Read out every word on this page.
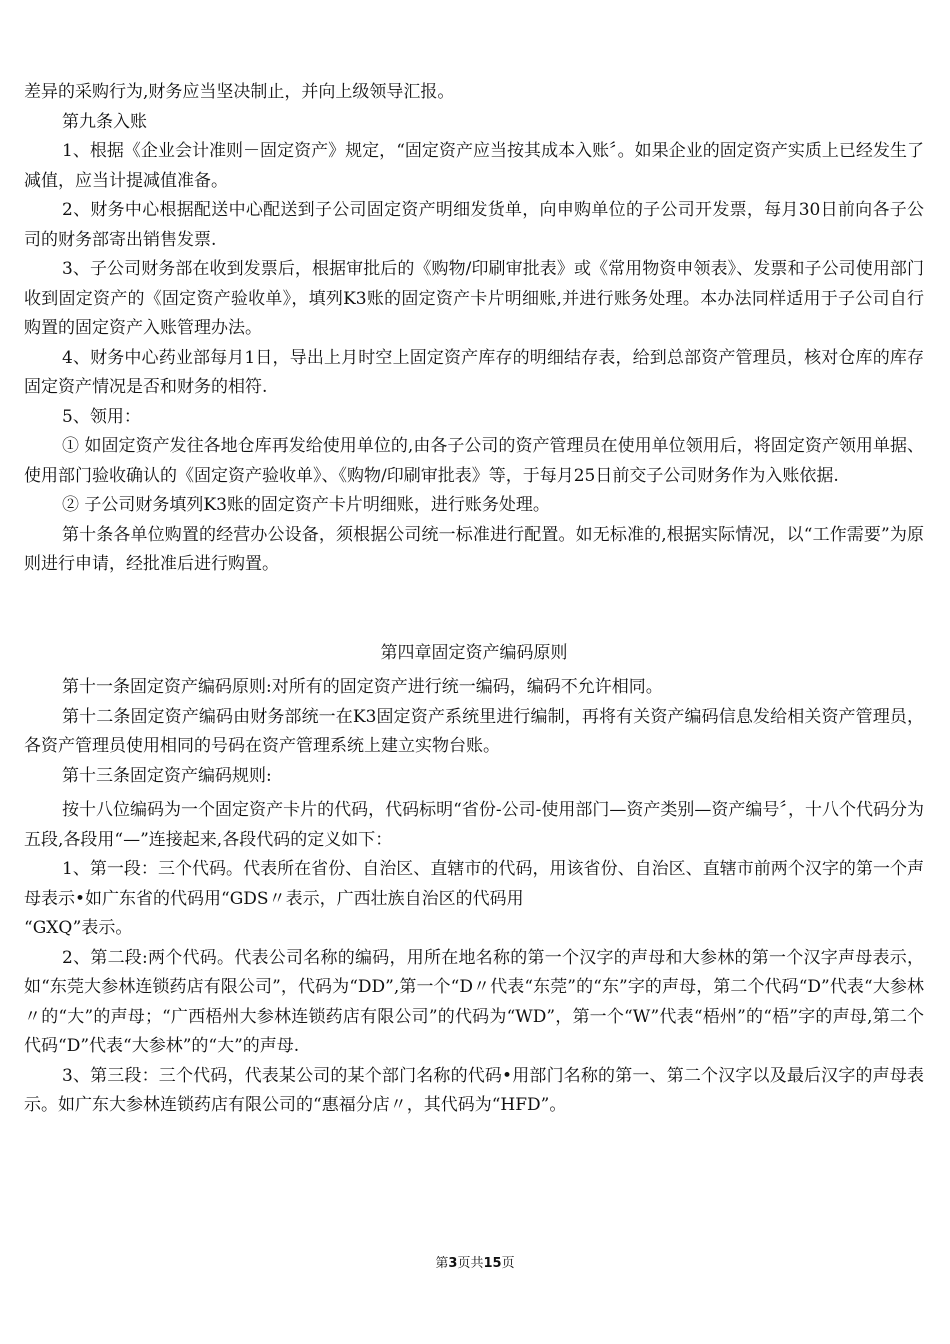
差异的采购行为,财务应当坚决制止，并向上级领导汇报。

第九条入账

1、根据《企业会计准则－固定资产》规定，“固定资产应当按其成本入账〞。如果企业的固定资产实质上已经发生了减值，应当计提减值准备。

2、财务中心根据配送中心配送到子公司固定资产明细发货单，向申购单位的子公司开发票，每月30日前向各子公司的财务部寄出销售发票.

3、子公司财务部在收到发票后，根据审批后的《购物/印刷审批表》或《常用物资申领表》、发票和子公司使用部门收到固定资产的《固定资产验收单》，填列K3账的固定资产卡片明细账,并进行账务处理。本办法同样适用于子公司自行购置的固定资产入账管理办法。

4、财务中心药业部每月1日，导出上月时空上固定资产库存的明细结存表，给到总部资产管理员，核对仓库的库存固定资产情况是否和财务的相符.

5、领用：

① 如固定资产发往各地仓库再发给使用单位的,由各子公司的资产管理员在使用单位领用后，将固定资产领用单据、使用部门验收确认的《固定资产验收单》、《购物/印刷审批表》等，于每月25日前交子公司财务作为入账依据.

② 子公司财务填列K3账的固定资产卡片明细账，进行账务处理。

第十条各单位购置的经营办公设备，须根据公司统一标准进行配置。如无标准的,根据实际情况，以“工作需要”为原则进行申请，经批准后进行购置。

第四章固定资产编码原则

第十一条固定资产编码原则:对所有的固定资产进行统一编码，编码不允许相同。

第十二条固定资产编码由财务部统一在K3固定资产系统里进行编制，再将有关资产编码信息发给相关资产管理员，各资产管理员使用相同的号码在资产管理系统上建立实物台账。

第十三条固定资产编码规则:

按十八位编码为一个固定资产卡片的代码，代码标明“省份-公司-使用部门—资产类别—资产编号〞，十八个代码分为五段,各段用“—”连接起来,各段代码的定义如下：

1、第一段：三个代码。代表所在省份、自治区、直辖市的代码，用该省份、自治区、直辖市前两个汉字的第一个声母表示•如广东省的代码用“GDS〃表示，广西壮族自治区的代码用

“GXQ”表示。

2、第二段:两个代码。代表公司名称的编码，用所在地名称的第一个汉字的声母和大参林的第一个汉字声母表示，如“东莞大参林连锁药店有限公司”，代码为“DD”,第一个“D〃代表“东莞”的“东”字的声母，第二个代码“D”代表“大参林〃的“大”的声母；“广西梧州大参林连锁药店有限公司”的代码为“WD”，第一个“W”代表“梧州”的“梧”字的声母,第二个代码“D”代表“大参林”的“大”的声母.

3、第三段：三个代码，代表某公司的某个部门名称的代码•用部门名称的第一、第二个汉字以及最后汉字的声母表示。如广东大参林连锁药店有限公司的“惠福分店〃，其代码为“HFD”。

第3页共15页
